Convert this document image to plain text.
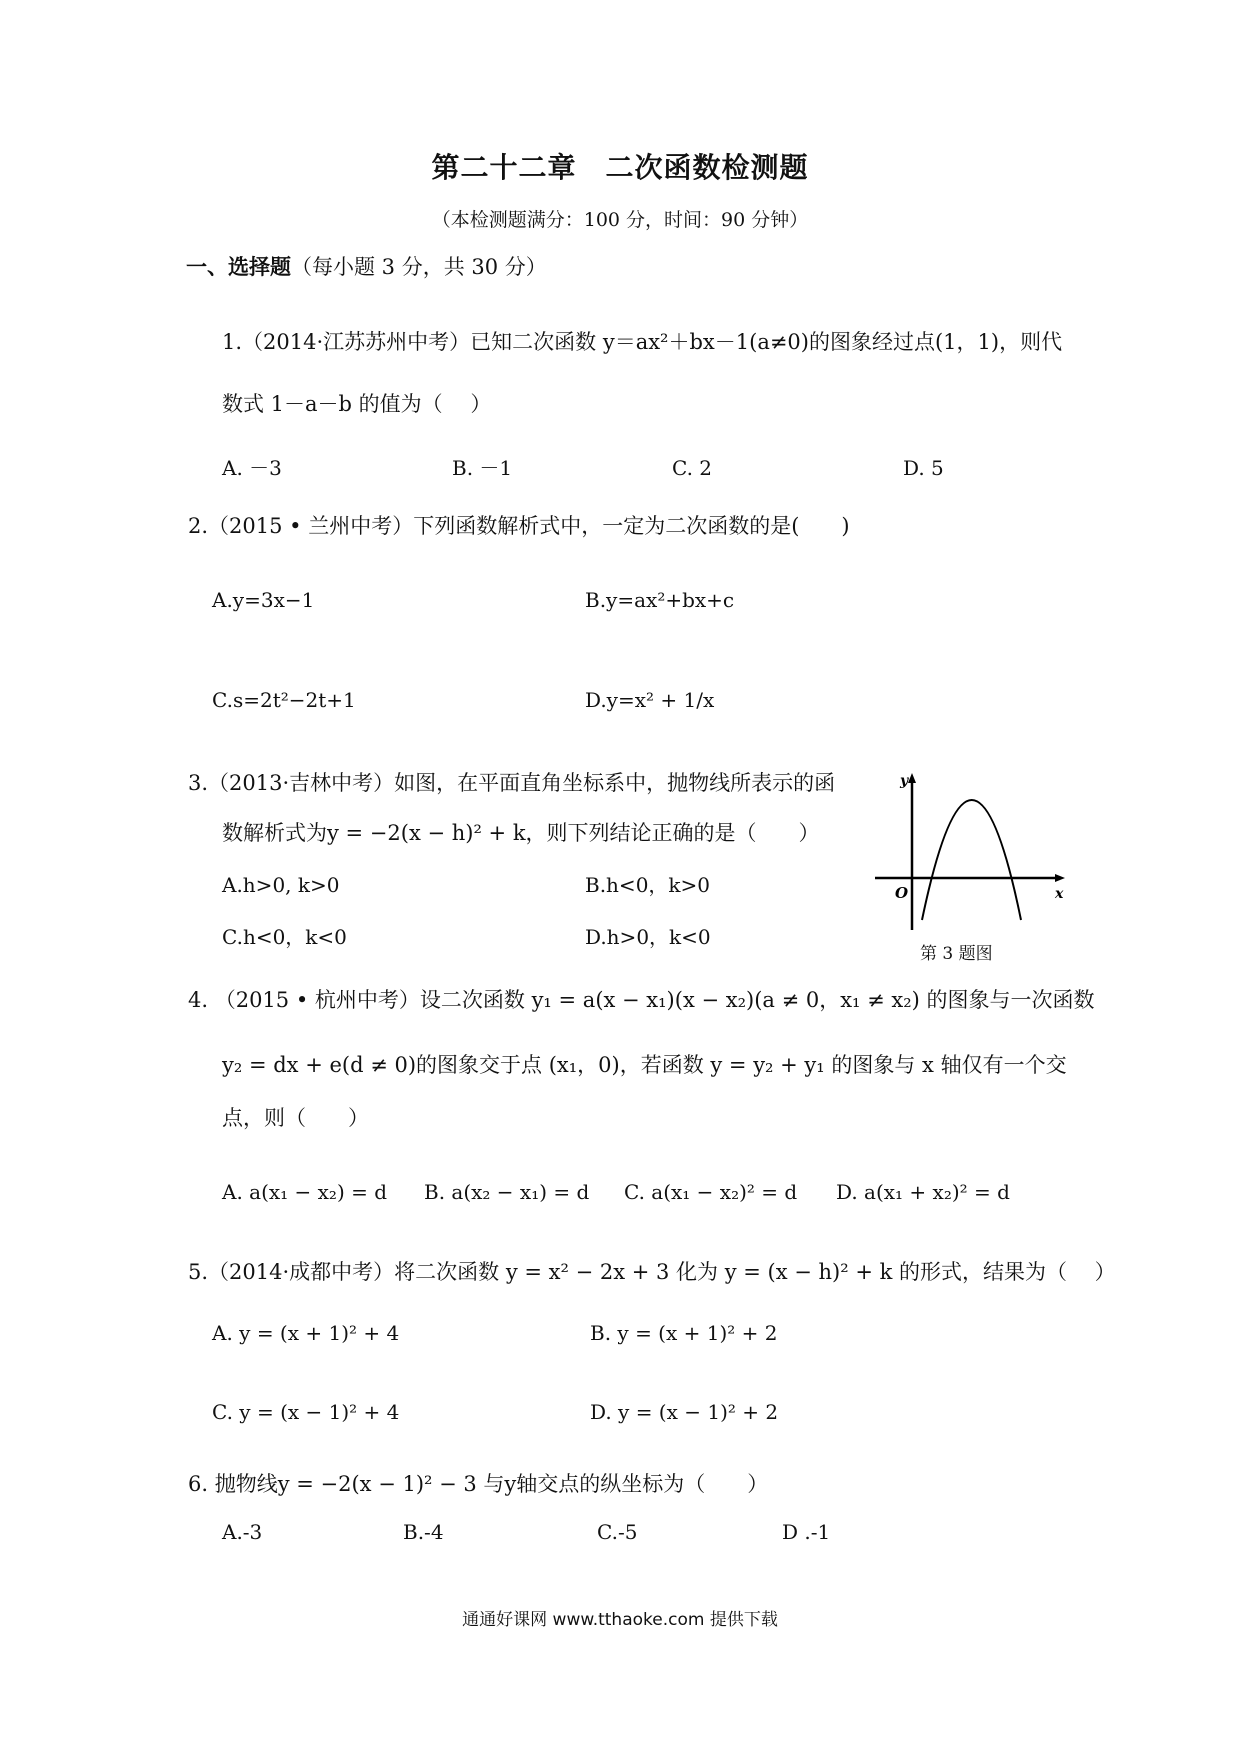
第二十二章　二次函数检测题
（本检测题满分：100 分，时间：90 分钟）
一、选择题（每小题 3 分，共 30 分）
1.（2014·江苏苏州中考）已知二次函数 y＝ax²＋bx－1(a≠0)的图象经过点(1，1)，则代
数式 1－a－b 的值为（　 ）
A. －3	B. －1	C. 2	D. 5
2.（2015 • 兰州中考）下列函数解析式中，一定为二次函数的是(　　)
A.y=3x−1	B.y=ax²+bx+c
C.s=2t²−2t+1	D.y=x² + 1/x
3.（2013·吉林中考）如图，在平面直角坐标系中，抛物线所表示的函
数解析式为y = −2(x − h)² + k，则下列结论正确的是（　　）
A.h>0, k>0	B.h<0，k>0
C.h<0，k<0	D.h>0，k<0
y
O	x
第 3 题图
4. （2015 • 杭州中考）设二次函数 y₁ = a(x − x₁)(x − x₂)(a ≠ 0，x₁ ≠ x₂) 的图象与一次函数
y₂ = dx + e(d ≠ 0)的图象交于点 (x₁，0)，若函数 y = y₂ + y₁ 的图象与 x 轴仅有一个交
点，则（　　）
A. a(x₁ − x₂) = d B. a(x₂ − x₁) = d C. a(x₁ − x₂)² = d D. a(x₁ + x₂)² = d
5.（2014·成都中考）将二次函数 y = x² − 2x + 3 化为 y = (x − h)² + k 的形式，结果为（　 ）
A. y = (x + 1)² + 4	B. y = (x + 1)² + 2
C. y = (x − 1)² + 4	D. y = (x − 1)² + 2
6. 抛物线y = −2(x − 1)² − 3 与y轴交点的纵坐标为（　　）
A.-3	B.-4	C.-5	D .-1
通通好课网 www.tthaoke.com 提供下载
